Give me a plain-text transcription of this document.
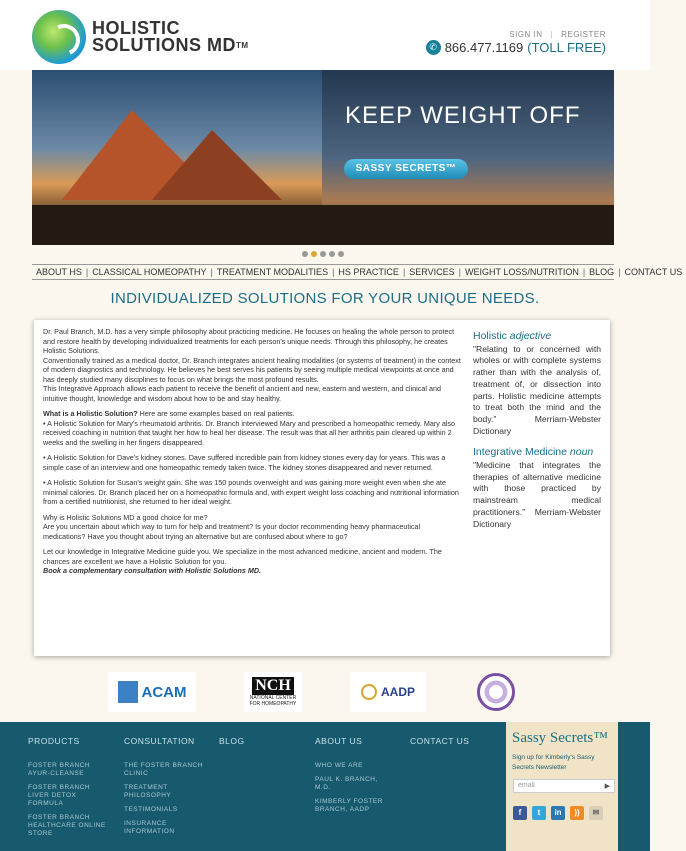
HOLISTIC
SOLUTIONS MD™
SIGN IN | REGISTER
✆ 866.477.1169 (TOLL FREE)
KEEP WEIGHT OFF
SASSY SECRETS™
ABOUT HS | CLASSICAL HOMEOPATHY | TREATMENT MODALITIES | HS PRACTICE | SERVICES | WEIGHT LOSS/NUTRITION | BLOG | CONTACT US
INDIVIDUALIZED SOLUTIONS FOR YOUR UNIQUE NEEDS.

Dr. Paul Branch, M.D. has a very simple philosophy about practicing medicine. He focuses on healing the whole person to protect and restore health by developing individualized treatments for each person's unique needs. Through this philosophy, he creates Holistic Solutions.

Conventionally trained as a medical doctor, Dr. Branch integrates ancient healing modalities (or systems of treatment) in the context of modern diagnostics and technology. He believes he best serves his patients by seeing multiple medical viewpoints at once and has deeply studied many disciplines to focus on what brings the most profound results.

This Integrative Approach allows each patient to receive the benefit of ancient and new, eastern and western, and clinical and intuitive thought, knowledge and wisdom about how to be and stay healthy.

What is a Holistic Solution? Here are some examples based on real patients.

• A Holistic Solution for Mary's rheumatoid arthritis. Dr. Branch interviewed Mary and prescribed a homeopathic remedy. Mary also received coaching in nutrition that taught her how to heal her disease. The result was that all her arthritis pain cleared up within 2 weeks and the swelling in her fingers disappeared.

• A Holistic Solution for Dave's kidney stones. Dave suffered incredible pain from kidney stones every day for years. This was a simple case of an interview and one homeopathic remedy taken twice. The kidney stones disappeared and never returned.

• A Holistic Solution for Susan's weight gain. She was 150 pounds overweight and was gaining more weight even when she ate minimal calories. Dr. Branch placed her on a homeopathic formula and, with expert weight loss coaching and nutritional information from a certified nutritionist, she returned to her ideal weight.

Why is Holistic Solutions MD a good choice for me?

Are you uncertain about which way to turn for help and treatment? Is your doctor recommending heavy pharmaceutical medications? Have you thought about trying an alternative but are confused about where to go?

Let our knowledge in Integrative Medicine guide you. We specialize in the most advanced medicine, ancient and modern. The chances are excellent we have a Holistic Solution for you.

Book a complementary consultation with Holistic Solutions MD.

Holistic adjective

"Relating to or concerned with wholes or with complete systems rather than with the analysis of, treatment of, or dissection into parts. Holistic medicine attempts to treat both the mind and the body." Merriam-Webster Dictionary

Integrative Medicine noun

"Medicine that integrates the therapies of alternative medicine with those practiced by mainstream medical practitioners." Merriam-Webster Dictionary

ACAM	NCH
NATIONAL CENTER
FOR HOMEOPATHY
AADP
PRODUCTS
FOSTER BRANCH AYUR-CLEANSE
FOSTER BRANCH LIVER DETOX FORMULA
FOSTER BRANCH HEALTHCARE ONLINE STORE
CONSULTATION
THE FOSTER BRANCH CLINIC
TREATMENT PHILOSOPHY
TESTIMONIALS
INSURANCE INFORMATION
BLOG	ABOUT US
WHO WE ARE
PAUL K. BRANCH, M.D.
KIMBERLY FOSTER BRANCH, AADP
CONTACT US	Sassy Secrets™
Sign up for Kimberly's Sassy Secrets Newsletter
email	▶
f	t	in	))	✉
